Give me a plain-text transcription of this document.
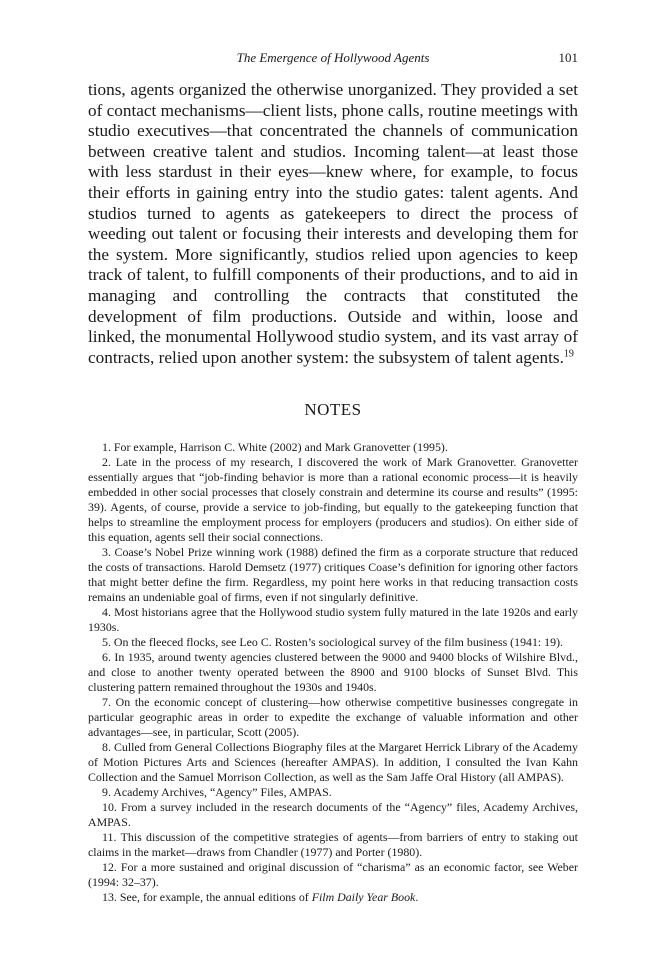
The Emergence of Hollywood Agents	101

tions, agents organized the otherwise unorganized. They provided a set of contact mechanisms—client lists, phone calls, routine meetings with studio executives—that concentrated the channels of communication between creative talent and studios. Incoming talent—at least those with less stardust in their eyes—knew where, for example, to focus their efforts in gaining entry into the studio gates: talent agents. And studios turned to agents as gatekeepers to direct the process of weeding out talent or focusing their interests and developing them for the system. More significantly, studios relied upon agencies to keep track of talent, to fulfill components of their productions, and to aid in managing and controlling the contracts that constituted the development of film productions. Outside and within, loose and linked, the monumental Hollywood studio system, and its vast array of contracts, relied upon another system: the subsystem of talent agents.$^{19}$

NOTES

1. For example, Harrison C. White (2002) and Mark Granovetter (1995).

2. Late in the process of my research, I discovered the work of Mark Granovetter. Granovetter essentially argues that “job-finding behavior is more than a rational economic process—it is heavily embedded in other social processes that closely constrain and determine its course and results” (1995: 39). Agents, of course, provide a service to job-finding, but equally to the gatekeeping function that helps to streamline the employment process for employers (producers and studios). On either side of this equation, agents sell their social connections.

3. Coase’s Nobel Prize winning work (1988) defined the firm as a corporate structure that reduced the costs of transactions. Harold Demsetz (1977) critiques Coase’s definition for ignoring other factors that might better define the firm. Regardless, my point here works in that reducing transaction costs remains an undeniable goal of firms, even if not singularly definitive.

4. Most historians agree that the Hollywood studio system fully matured in the late 1920s and early 1930s.

5. On the fleeced flocks, see Leo C. Rosten’s sociological survey of the film business (1941: 19).

6. In 1935, around twenty agencies clustered between the 9000 and 9400 blocks of Wilshire Blvd., and close to another twenty operated between the 8900 and 9100 blocks of Sunset Blvd. This clustering pattern remained throughout the 1930s and 1940s.

7. On the economic concept of clustering—how otherwise competitive businesses congregate in particular geographic areas in order to expedite the exchange of valuable information and other advantages—see, in particular, Scott (2005).

8. Culled from General Collections Biography files at the Margaret Herrick Library of the Academy of Motion Pictures Arts and Sciences (hereafter AMPAS). In addition, I consulted the Ivan Kahn Collection and the Samuel Morrison Collection, as well as the Sam Jaffe Oral History (all AMPAS).

9. Academy Archives, “Agency” Files, AMPAS.

10. From a survey included in the research documents of the “Agency” files, Academy Archives, AMPAS.

11. This discussion of the competitive strategies of agents—from barriers of entry to staking out claims in the market—draws from Chandler (1977) and Porter (1980).

12. For a more sustained and original discussion of “charisma” as an economic factor, see Weber (1994: 32–37).

13. See, for example, the annual editions of Film Daily Year Book.
